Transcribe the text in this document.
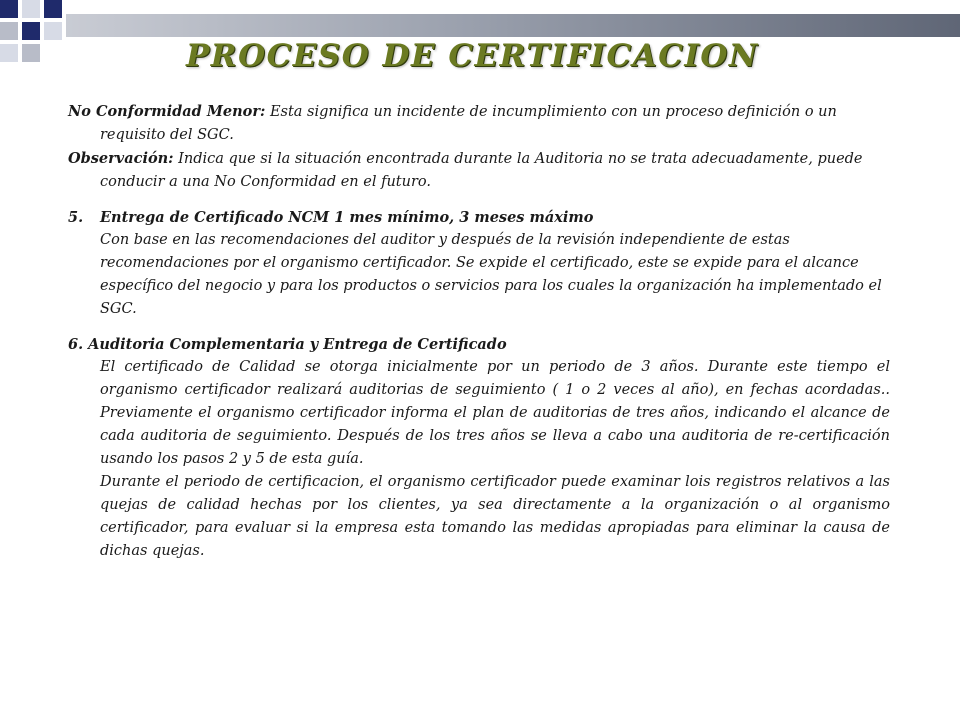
PROCESO DE CERTIFICACION

No Conformidad Menor: Esta significa un incidente de incumplimiento con un proceso definición o un requisito del SGC.

Observación: Indica que si la situación encontrada durante la Auditoria no se trata adecuadamente, puede conducir a una No Conformidad en el futuro.

5. Entrega de Certificado NCM 1 mes mínimo, 3 meses máximo

Con base en las recomendaciones del auditor y después de la revisión independiente de estas recomendaciones por el organismo certificador. Se expide el certificado, este se expide para el alcance específico del negocio y para los productos o servicios para los cuales la organización ha implementado el SGC.

6. Auditoria Complementaria y Entrega de Certificado

El certificado de Calidad se otorga inicialmente por un periodo de 3 años. Durante este tiempo el organismo certificador realizará auditorias de seguimiento ( 1 o 2 veces al año), en fechas acordadas.. Previamente el organismo certificador informa el plan de auditorias de tres años, indicando el alcance de cada auditoria de seguimiento. Después de los tres años se lleva a cabo una auditoria de re-certificación usando los pasos 2 y 5 de esta guía.

Durante el periodo de certificacion, el organismo certificador puede examinar lois registros relativos a las quejas de calidad hechas por los clientes, ya sea directamente a la organización o al organismo certificador, para evaluar si la empresa esta tomando las medidas apropiadas para eliminar la causa de dichas quejas.
